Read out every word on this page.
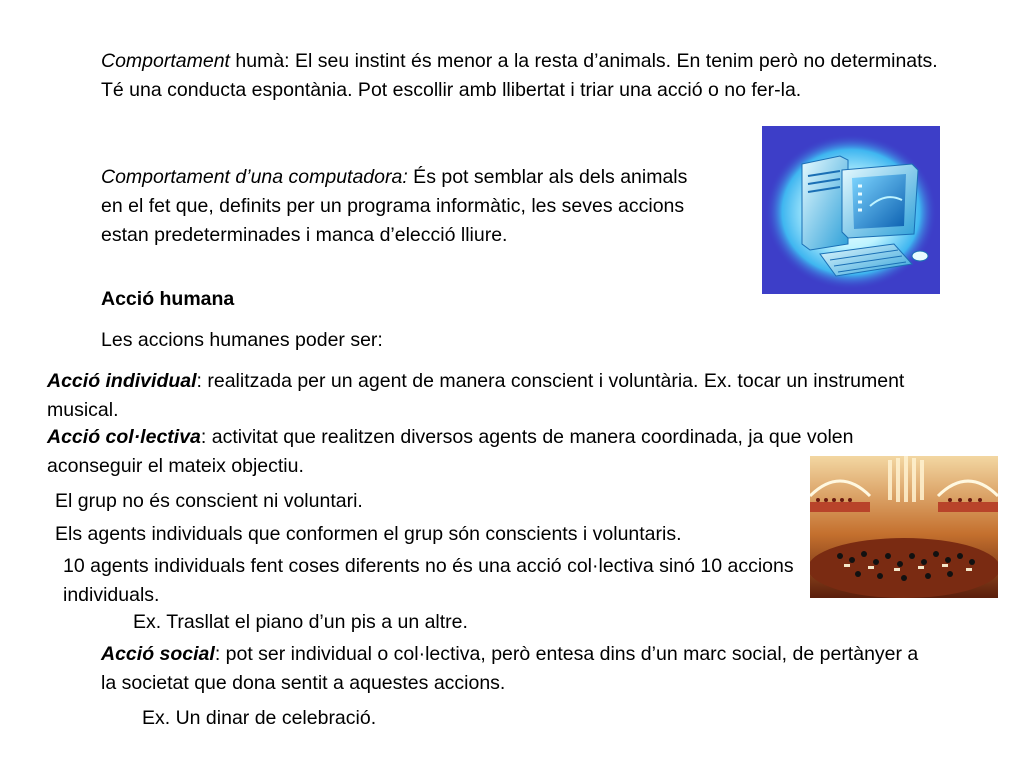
Comportament humà: El seu instint és menor a la resta d’animals. En tenim però no determinats. Té una conducta espontània. Pot escollir amb llibertat i triar una acció o no fer-la.

Comportament d’una computadora: És pot semblar als dels animals en el fet que, definits per un programa informàtic, les seves accions estan predeterminades i manca d’elecció lliure.

Acció humana

Les accions humanes poder ser:

Acció individual: realitzada per un agent de manera conscient i voluntària. Ex. tocar un instrument musical.

Acció col·lectiva: activitat que realitzen diversos agents de manera coordinada, ja que volen aconseguir el mateix objectiu.

El grup no és conscient ni voluntari.

Els agents individuals que conformen el grup són conscients i voluntaris.

10 agents individuals fent coses diferents no és una acció col·lectiva sinó 10 accions individuals.

Ex. Trasllat el piano d’un pis a un altre.

Acció social: pot ser individual o col·lectiva, però entesa dins d’un marc social, de pertànyer a la societat que dona sentit a aquestes accions.

Ex. Un dinar de celebració.
